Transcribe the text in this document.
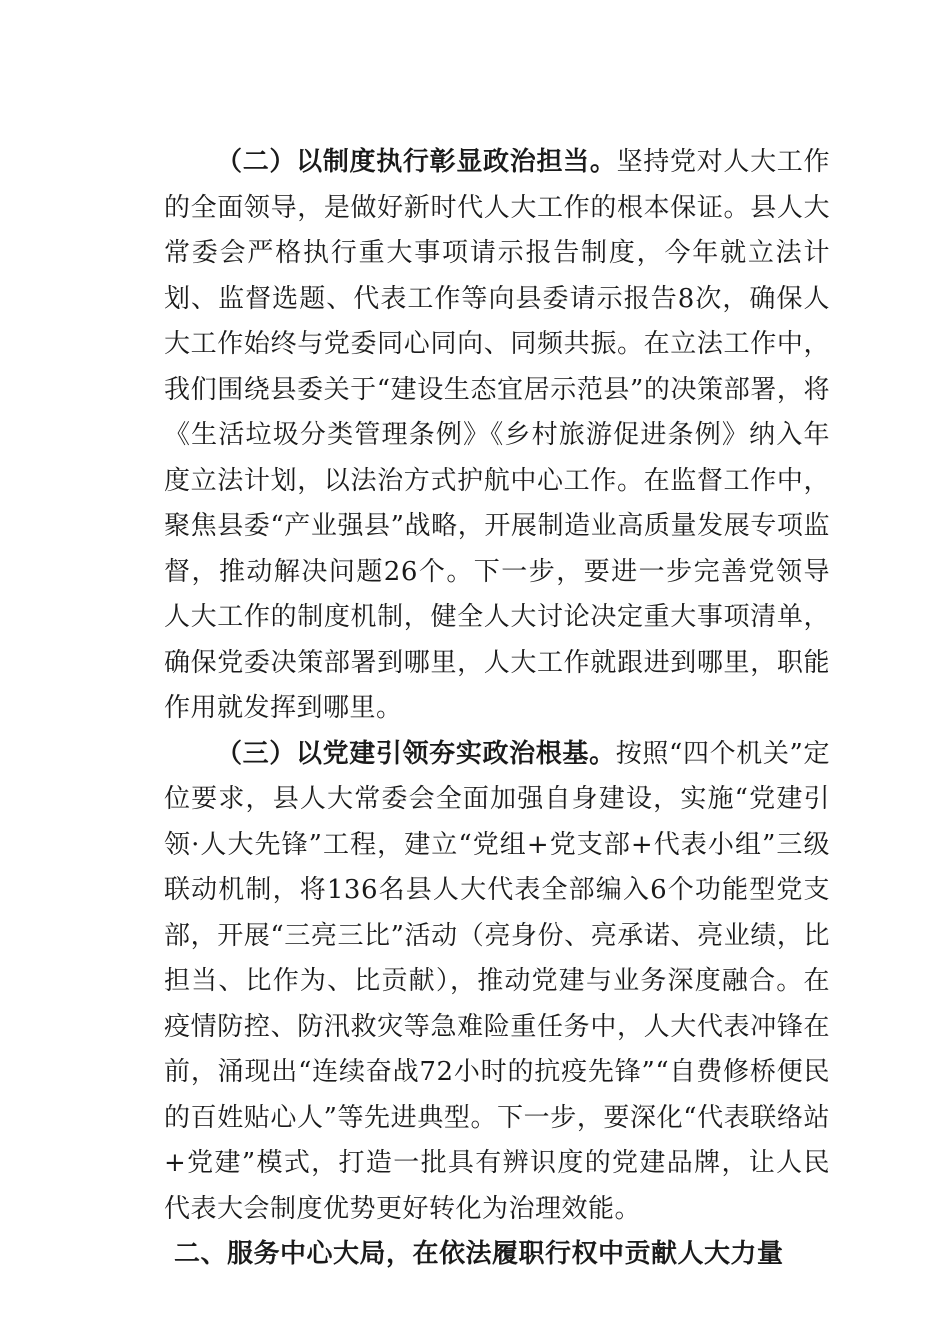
（二）以制度执行彰显政治担当。坚持党对人大工作的全面领导，是做好新时代人大工作的根本保证。县人大常委会严格执行重大事项请示报告制度，今年就立法计划、监督选题、代表工作等向县委请示报告8次，确保人大工作始终与党委同心同向、同频共振。在立法工作中，我们围绕县委关于“建设生态宜居示范县”的决策部署，将《生活垃圾分类管理条例》《乡村旅游促进条例》纳入年度立法计划，以法治方式护航中心工作。在监督工作中，聚焦县委“产业强县”战略，开展制造业高质量发展专项监督，推动解决问题26个。下一步，要进一步完善党领导人大工作的制度机制，健全人大讨论决定重大事项清单，确保党委决策部署到哪里，人大工作就跟进到哪里，职能作用就发挥到哪里。

（三）以党建引领夯实政治根基。按照“四个机关”定位要求，县人大常委会全面加强自身建设，实施“党建引领·人大先锋”工程，建立“党组+党支部+代表小组”三级联动机制，将136名县人大代表全部编入6个功能型党支部，开展“三亮三比”活动（亮身份、亮承诺、亮业绩，比担当、比作为、比贡献），推动党建与业务深度融合。在疫情防控、防汛救灾等急难险重任务中，人大代表冲锋在前，涌现出“连续奋战72小时的抗疫先锋”“自费修桥便民的百姓贴心人”等先进典型。下一步，要深化“代表联络站+党建”模式，打造一批具有辨识度的党建品牌，让人民代表大会制度优势更好转化为治理效能。

二、服务中心大局，在依法履职行权中贡献人大力量
